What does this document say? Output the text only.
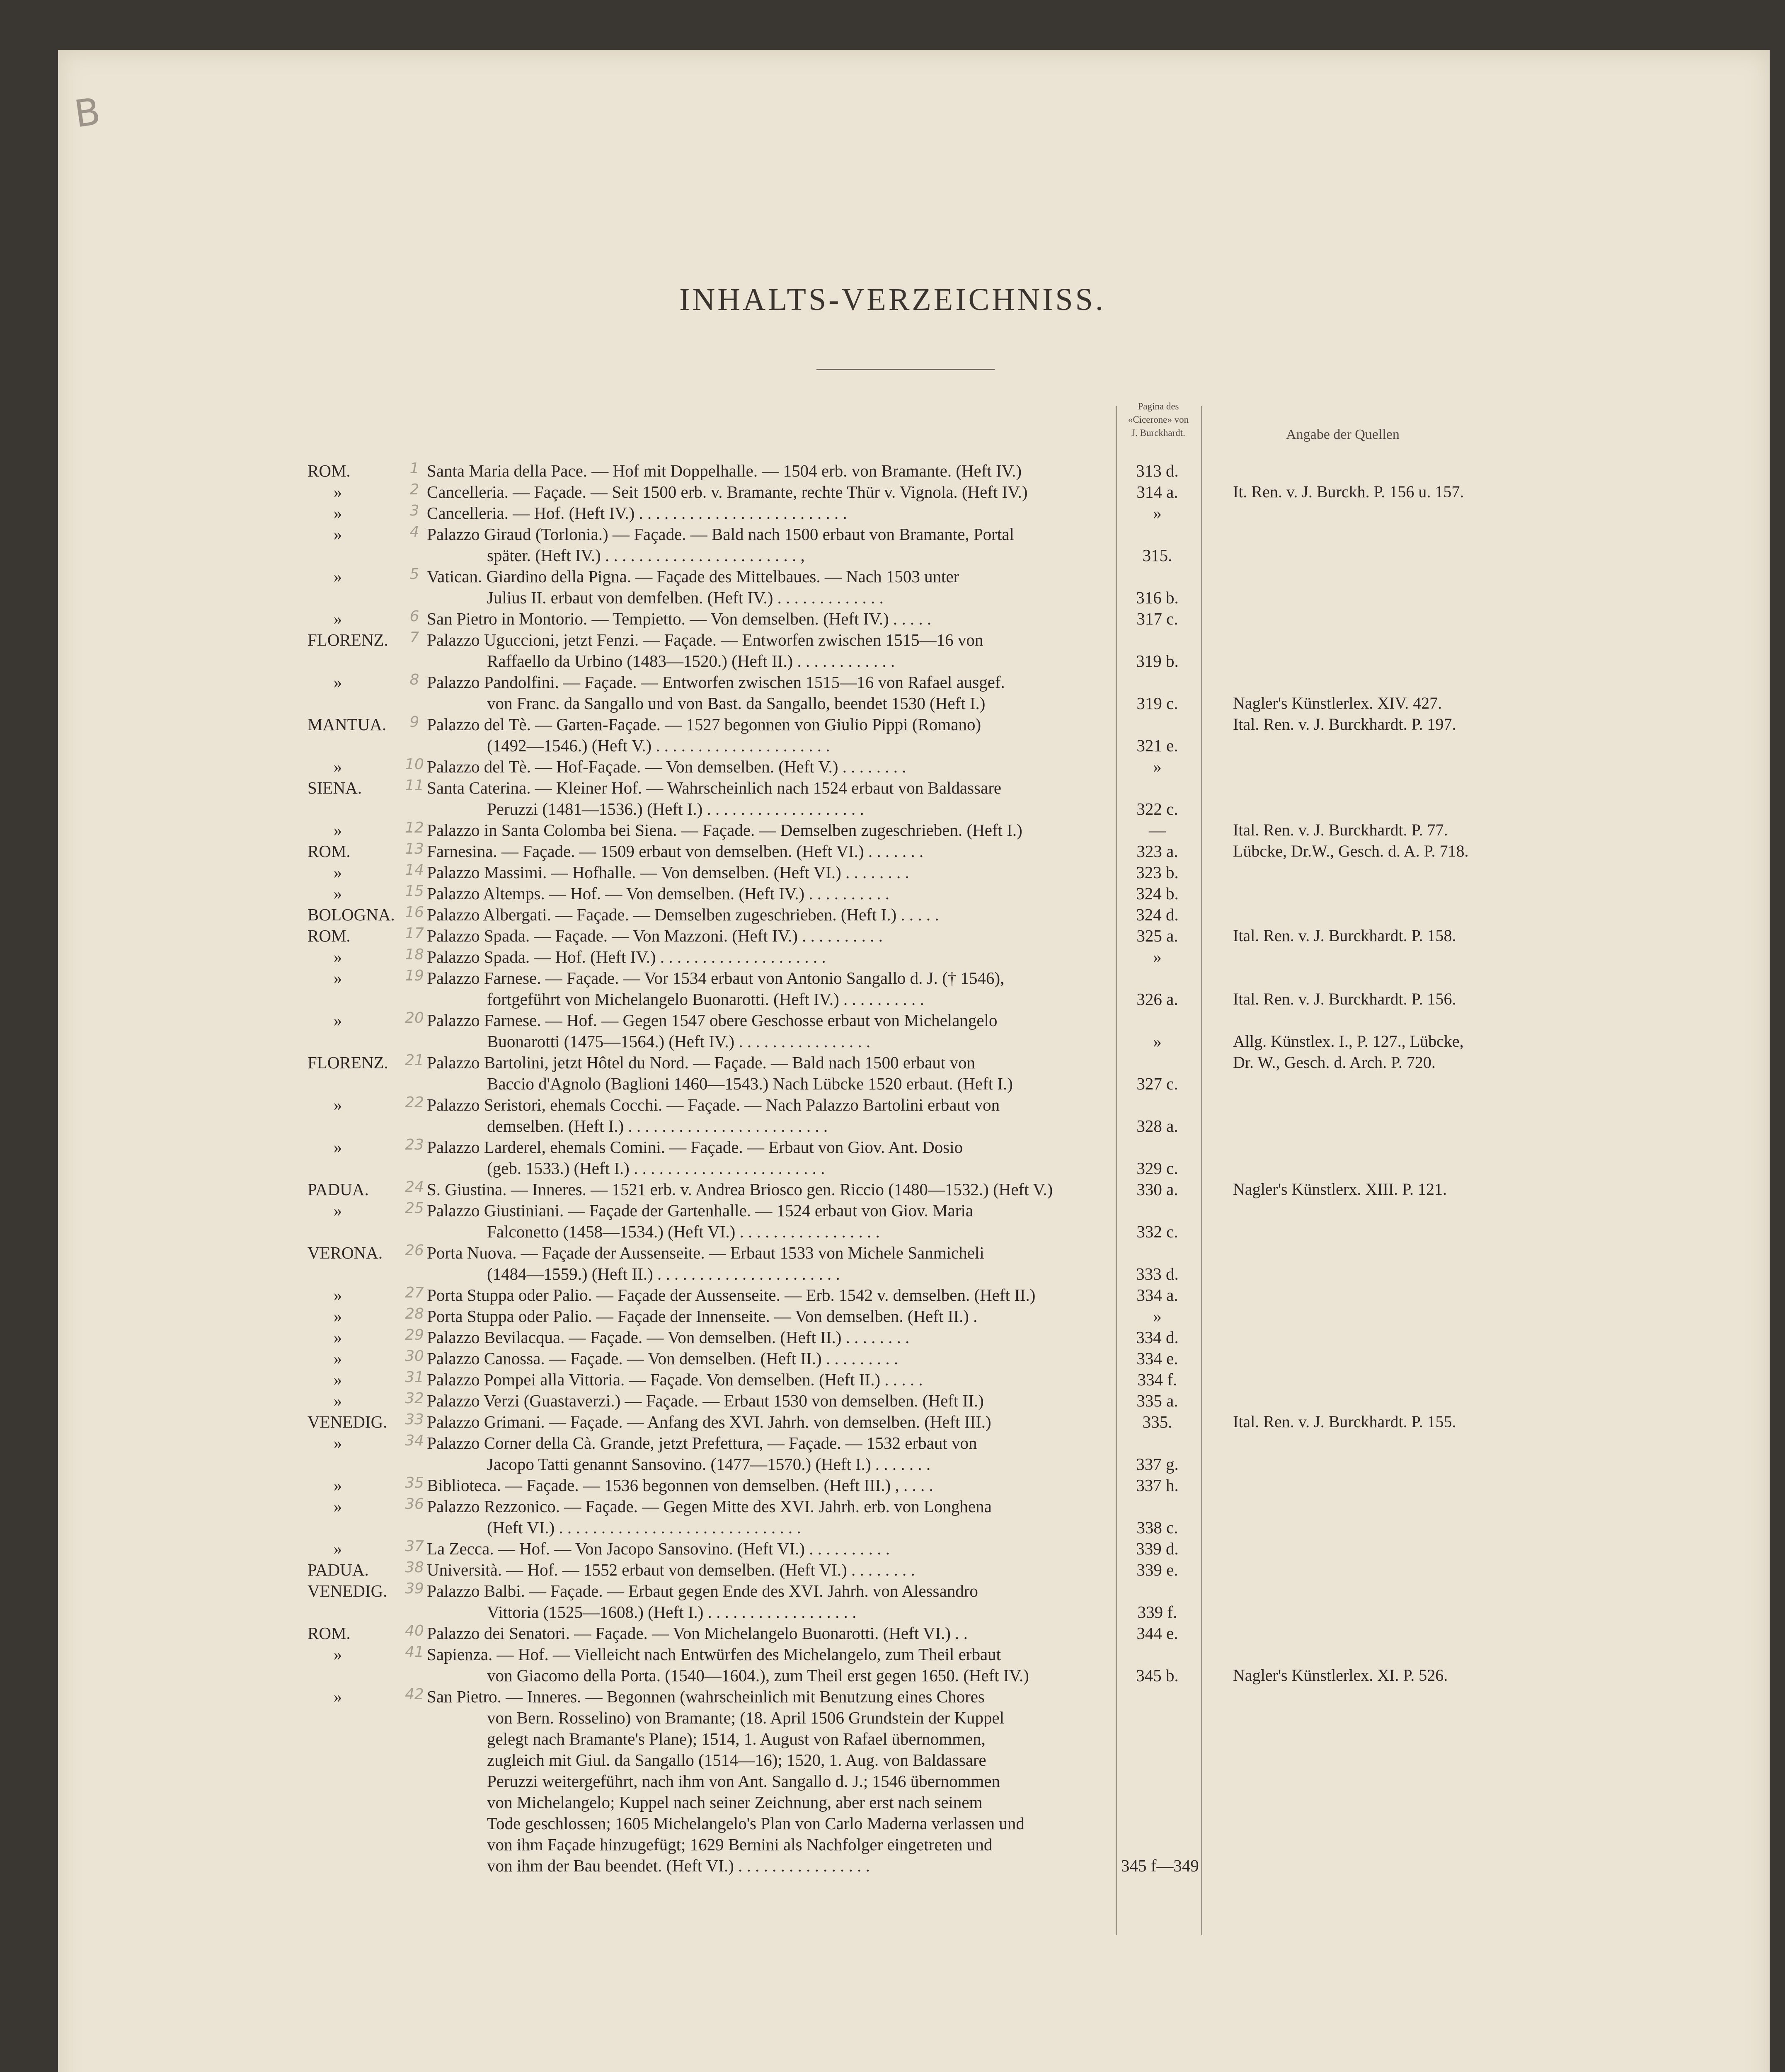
B
INHALTS-VERZEICHNISS.
Pagina des
«Cicerone» von
J. Burckhardt.	Angabe der Quellen
ROM.	1 Santa Maria della Pace. — Hof mit Doppelhalle. — 1504 erb. von Bramante. (Heft IV.)	313 d.
»	2 Cancelleria. — Façade. — Seit 1500 erb. v. Bramante, rechte Thür v. Vignola. (Heft IV.)	314 a.	It. Ren. v. J. Burckh. P. 156 u. 157.
»	3 Cancelleria. — Hof. (Heft IV.) . . . . . . . . . . . . . . . . . . . . . . . . .	»
»	4 Palazzo Giraud (Torlonia.) — Façade. — Bald nach 1500 erbaut von Bramante, Portal
später. (Heft IV.) . . . . . . . . . . . . . . . . . . . . . . . ,	315.
»	5 Vatican. Giardino della Pigna. — Façade des Mittelbaues. — Nach 1503 unter
Julius II. erbaut von demfelben. (Heft IV.) . . . . . . . . . . . . .	316 b.
»	6 San Pietro in Montorio. — Tempietto. — Von demselben. (Heft IV.) . . . . .	317 c.
FLORENZ.	7 Palazzo Uguccioni, jetzt Fenzi. — Façade. — Entworfen zwischen 1515—16 von
Raffaello da Urbino (1483—1520.) (Heft II.) . . . . . . . . . . . .	319 b.
»	8 Palazzo Pandolfini. — Façade. — Entworfen zwischen 1515—16 von Rafael ausgef.
von Franc. da Sangallo und von Bast. da Sangallo, beendet 1530 (Heft I.)	319 c.	Nagler's Künstlerlex. XIV. 427.
MANTUA.	9 Palazzo del Tè. — Garten-Façade. — 1527 begonnen von Giulio Pippi (Romano)	Ital. Ren. v. J. Burckhardt. P. 197.
(1492—1546.) (Heft V.) . . . . . . . . . . . . . . . . . . . . .	321 e.
»	10 Palazzo del Tè. — Hof-Façade. — Von demselben. (Heft V.) . . . . . . . .	»
SIENA.	11 Santa Caterina. — Kleiner Hof. — Wahrscheinlich nach 1524 erbaut von Baldassare
Peruzzi (1481—1536.) (Heft I.) . . . . . . . . . . . . . . . . . . .	322 c.
»	12 Palazzo in Santa Colomba bei Siena. — Façade. — Demselben zugeschrieben. (Heft I.)	—	Ital. Ren. v. J. Burckhardt. P. 77.
ROM.	13 Farnesina. — Façade. — 1509 erbaut von demselben. (Heft VI.) . . . . . . .	323 a.	Lübcke, Dr.W., Gesch. d. A. P. 718.
»	14 Palazzo Massimi. — Hofhalle. — Von demselben. (Heft VI.) . . . . . . . .	323 b.
»	15 Palazzo Altemps. — Hof. — Von demselben. (Heft IV.) . . . . . . . . . .	324 b.
BOLOGNA. 16 Palazzo Albergati. — Façade. — Demselben zugeschrieben. (Heft I.) . . . . .	324 d.
ROM.	17 Palazzo Spada. — Façade. — Von Mazzoni. (Heft IV.) . . . . . . . . . .	325 a.	Ital. Ren. v. J. Burckhardt. P. 158.
»	18 Palazzo Spada. — Hof. (Heft IV.) . . . . . . . . . . . . . . . . . . . .	»
»	19 Palazzo Farnese. — Façade. — Vor 1534 erbaut von Antonio Sangallo d. J. († 1546),
fortgeführt von Michelangelo Buonarotti. (Heft IV.) . . . . . . . . . .	326 a.	Ital. Ren. v. J. Burckhardt. P. 156.
»	20 Palazzo Farnese. — Hof. — Gegen 1547 obere Geschosse erbaut von Michelangelo
Buonarotti (1475—1564.) (Heft IV.) . . . . . . . . . . . . . . . .	»	Allg. Künstlex. I., P. 127., Lübcke,
FLORENZ.	21 Palazzo Bartolini, jetzt Hôtel du Nord. — Façade. — Bald nach 1500 erbaut von	Dr. W., Gesch. d. Arch. P. 720.
Baccio d'Agnolo (Baglioni 1460—1543.) Nach Lübcke 1520 erbaut. (Heft I.)	327 c.
»	22 Palazzo Seristori, ehemals Cocchi. — Façade. — Nach Palazzo Bartolini erbaut von
demselben. (Heft I.) . . . . . . . . . . . . . . . . . . . . . . . .	328 a.
»	23 Palazzo Larderel, ehemals Comini. — Façade. — Erbaut von Giov. Ant. Dosio
(geb. 1533.) (Heft I.) . . . . . . . . . . . . . . . . . . . . . . .	329 c.
PADUA.	24 S. Giustina. — Inneres. — 1521 erb. v. Andrea Briosco gen. Riccio (1480—1532.) (Heft V.)	330 a.	Nagler's Künstlerx. XIII. P. 121.
»	25 Palazzo Giustiniani. — Façade der Gartenhalle. — 1524 erbaut von Giov. Maria
Falconetto (1458—1534.) (Heft VI.) . . . . . . . . . . . . . . . . .	332 c.
VERONA.	26 Porta Nuova. — Façade der Aussenseite. — Erbaut 1533 von Michele Sanmicheli
(1484—1559.) (Heft II.) . . . . . . . . . . . . . . . . . . . . . .	333 d.
»	27 Porta Stuppa oder Palio. — Façade der Aussenseite. — Erb. 1542 v. demselben. (Heft II.)	334 a.
»	28 Porta Stuppa oder Palio. — Façade der Innenseite. — Von demselben. (Heft II.) .	»
»	29 Palazzo Bevilacqua. — Façade. — Von demselben. (Heft II.) . . . . . . . .	334 d.
»	30 Palazzo Canossa. — Façade. — Von demselben. (Heft II.) . . . . . . . . .	334 e.
»	31 Palazzo Pompei alla Vittoria. — Façade. Von demselben. (Heft II.) . . . . .	334 f.
»	32 Palazzo Verzi (Guastaverzi.) — Façade. — Erbaut 1530 von demselben. (Heft II.)	335 a.
VENEDIG.	33 Palazzo Grimani. — Façade. — Anfang des XVI. Jahrh. von demselben. (Heft III.)	335.	Ital. Ren. v. J. Burckhardt. P. 155.
»	34 Palazzo Corner della Cà. Grande, jetzt Prefettura, — Façade. — 1532 erbaut von
Jacopo Tatti genannt Sansovino. (1477—1570.) (Heft I.) . . . . . . .	337 g.
»	35 Biblioteca. — Façade. — 1536 begonnen von demselben. (Heft III.) , . . . .	337 h.
»	36 Palazzo Rezzonico. — Façade. — Gegen Mitte des XVI. Jahrh. erb. von Longhena
(Heft VI.) . . . . . . . . . . . . . . . . . . . . . . . . . . . . .	338 c.
»	37 La Zecca. — Hof. — Von Jacopo Sansovino. (Heft VI.) . . . . . . . . . .	339 d.
PADUA.	38 Università. — Hof. — 1552 erbaut von demselben. (Heft VI.) . . . . . . . .	339 e.
VENEDIG.	39 Palazzo Balbi. — Façade. — Erbaut gegen Ende des XVI. Jahrh. von Alessandro
Vittoria (1525—1608.) (Heft I.) . . . . . . . . . . . . . . . . . .	339 f.
ROM.	40 Palazzo dei Senatori. — Façade. — Von Michelangelo Buonarotti. (Heft VI.) . .	344 e.
»	41 Sapienza. — Hof. — Vielleicht nach Entwürfen des Michelangelo, zum Theil erbaut
von Giacomo della Porta. (1540—1604.), zum Theil erst gegen 1650. (Heft IV.)	345 b.	Nagler's Künstlerlex. XI. P. 526.
»	42 San Pietro. — Inneres. — Begonnen (wahrscheinlich mit Benutzung eines Chores
von Bern. Rosselino) von Bramante; (18. April 1506 Grundstein der Kuppel
gelegt nach Bramante's Plane); 1514, 1. August von Rafael übernommen,
zugleich mit Giul. da Sangallo (1514—16); 1520, 1. Aug. von Baldassare
Peruzzi weitergeführt, nach ihm von Ant. Sangallo d. J.; 1546 übernommen
von Michelangelo; Kuppel nach seiner Zeichnung, aber erst nach seinem
Tode geschlossen; 1605 Michelangelo's Plan von Carlo Maderna verlassen und
von ihm Façade hinzugefügt; 1629 Bernini als Nachfolger eingetreten und
von ihm der Bau beendet. (Heft VI.) . . . . . . . . . . . . . . . .	345 f—349
